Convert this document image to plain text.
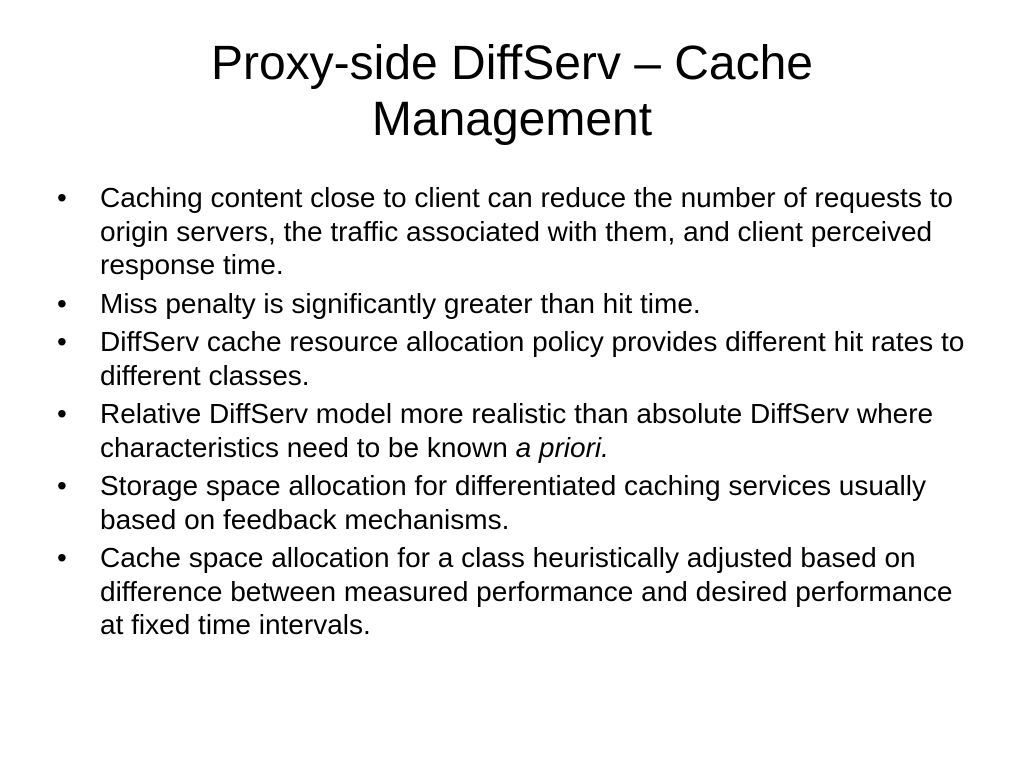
Proxy-side DiffServ – Cache
Management
•	Caching content close to client can reduce the number of requests to origin servers, the traffic associated with them, and client perceived response time.
•	Miss penalty is significantly greater than hit time.
•	DiffServ cache resource allocation policy provides different hit rates to different classes.
•	Relative DiffServ model more realistic than absolute DiffServ where characteristics need to be known a priori.
•	Storage space allocation for differentiated caching services usually based on feedback mechanisms.
•	Cache space allocation for a class heuristically adjusted based on difference between measured performance and desired performance at fixed time intervals.
